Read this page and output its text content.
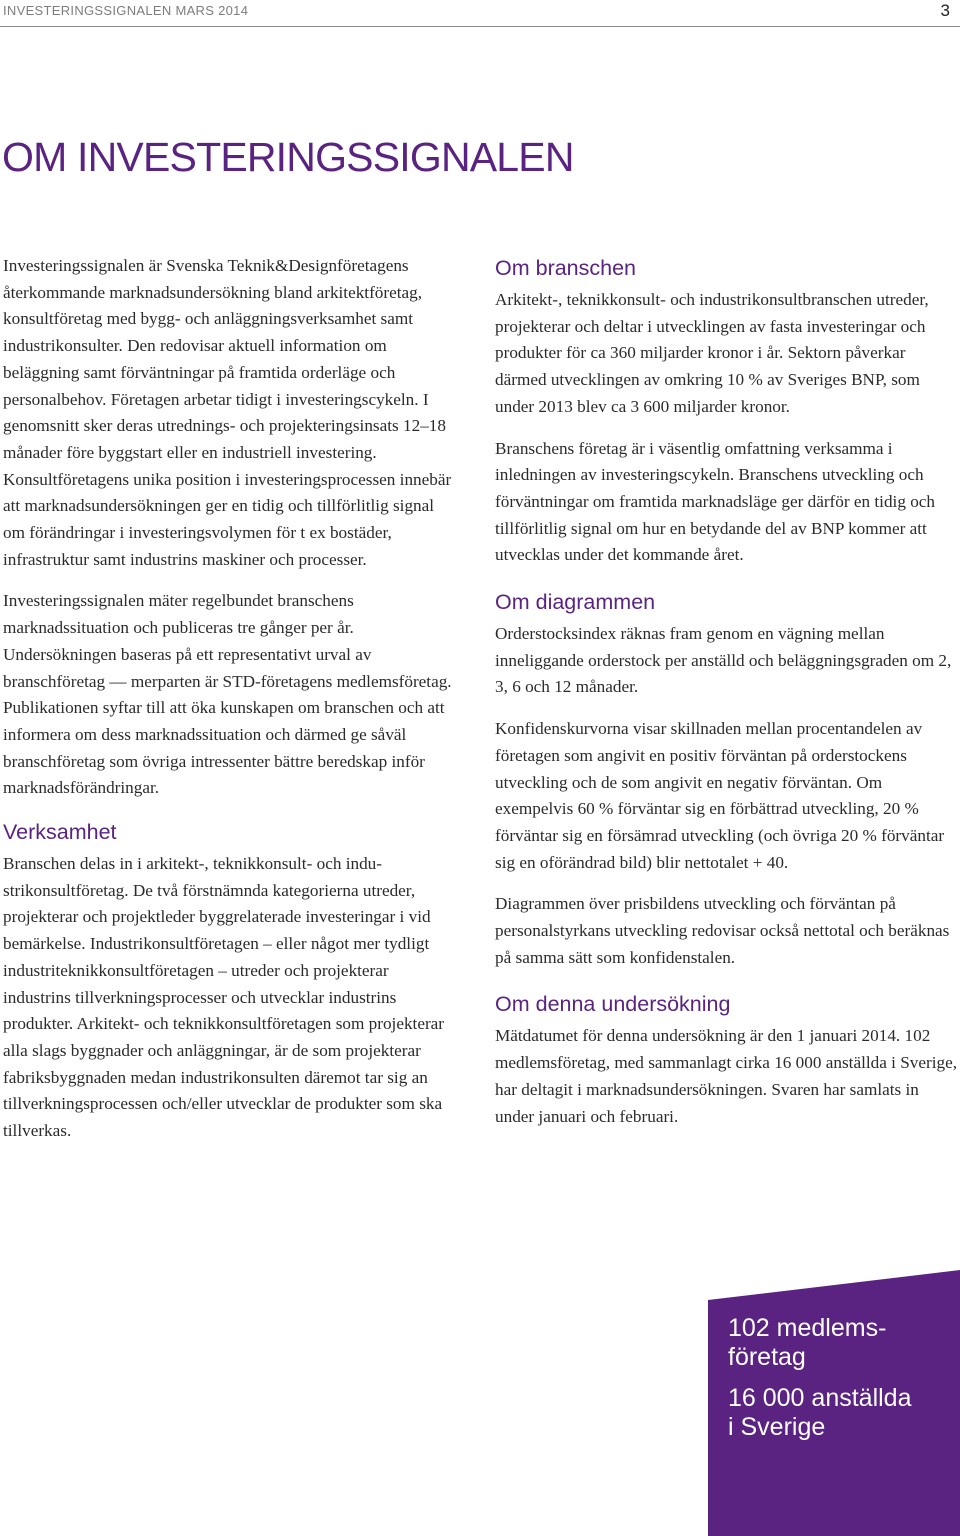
INVESTERINGSSIGNALEN MARS 2014	3
OM INVESTERINGSSIGNALEN

Investeringssignalen är Svenska Teknik&Designföretagens återkommande marknadsundersökning bland arkitektföretag, konsultföretag med bygg- och anläggningsverksamhet samt industrikonsulter. Den redovisar aktuell information om beläggning samt förväntningar på framtida orderläge och personalbehov. Företagen arbetar tidigt i investeringscykeln. I genomsnitt sker deras utrednings- och projekteringsinsats 12–18 månader före byggstart eller en industriell investering. Konsultföretagens unika position i investeringsprocessen innebär att marknadsundersökningen ger en tidig och tillförlitlig signal om förändringar i investeringsvolymen för t ex bostäder, infrastruktur samt industrins maskiner och processer.

Investeringssignalen mäter regelbundet branschens marknadssituation och publiceras tre gånger per år. Undersökningen baseras på ett representativt urval av branschföretag — merparten är STD-företagens medlemsföretag. Publikationen syftar till att öka kunskapen om branschen och att informera om dess marknadssituation och därmed ge såväl branschföretag som övriga intressenter bättre beredskap inför marknadsförändringar.

Verksamhet

Branschen delas in i arkitekt-, teknikkonsult- och industrikonsultföretag. De två förstnämnda kategorierna utreder, projekterar och projektleder byggrelaterade investeringar i vid bemärkelse. Industrikonsultföretagen – eller något mer tydligt industriteknikkonsultföretagen – utreder och projekterar industrins tillverkningsprocesser och utvecklar industrins produkter. Arkitekt- och teknikkonsultföretagen som projekterar alla slags byggnader och anläggningar, är de som projekterar fabriksbyggnaden medan industrikonsulten däremot tar sig an tillverkningsprocessen och/eller utvecklar de produkter som ska tillverkas.

Om branschen

Arkitekt-, teknikkonsult- och industrikonsultbranschen utreder, projekterar och deltar i utvecklingen av fasta investeringar och produkter för ca 360 miljarder kronor i år. Sektorn påverkar därmed utvecklingen av omkring 10 % av Sveriges BNP, som under 2013 blev ca 3 600 miljarder kronor.

Branschens företag är i väsentlig omfattning verksamma i inledningen av investeringscykeln. Branschens utveckling och förväntningar om framtida marknadsläge ger därför en tidig och tillförlitlig signal om hur en betydande del av BNP kommer att utvecklas under det kommande året.

Om diagrammen

Orderstocksindex räknas fram genom en vägning mellan inneliggande orderstock per anställd och beläggningsgraden om 2, 3, 6 och 12 månader.

Konfidenskurvorna visar skillnaden mellan procentandelen av företagen som angivit en positiv förväntan på orderstockens utveckling och de som angivit en negativ förväntan. Om exempelvis 60 % förväntar sig en förbättrad utveckling, 20 % förväntar sig en försämrad utveckling (och övriga 20 % förväntar sig en oförändrad bild) blir nettotalet + 40.

Diagrammen över prisbildens utveckling och förväntan på personalstyrkans utveckling redovisar också nettotal och beräknas på samma sätt som konfidenstalen.

Om denna undersökning

Mätdatumet för denna undersökning är den 1 januari 2014. 102 medlemsföretag, med sammanlagt cirka 16 000 anställda i Sverige, har deltagit i marknadsundersökningen. Svaren har samlats in under januari och februari.

102 medlems-
företag
16 000 anställda
i Sverige
